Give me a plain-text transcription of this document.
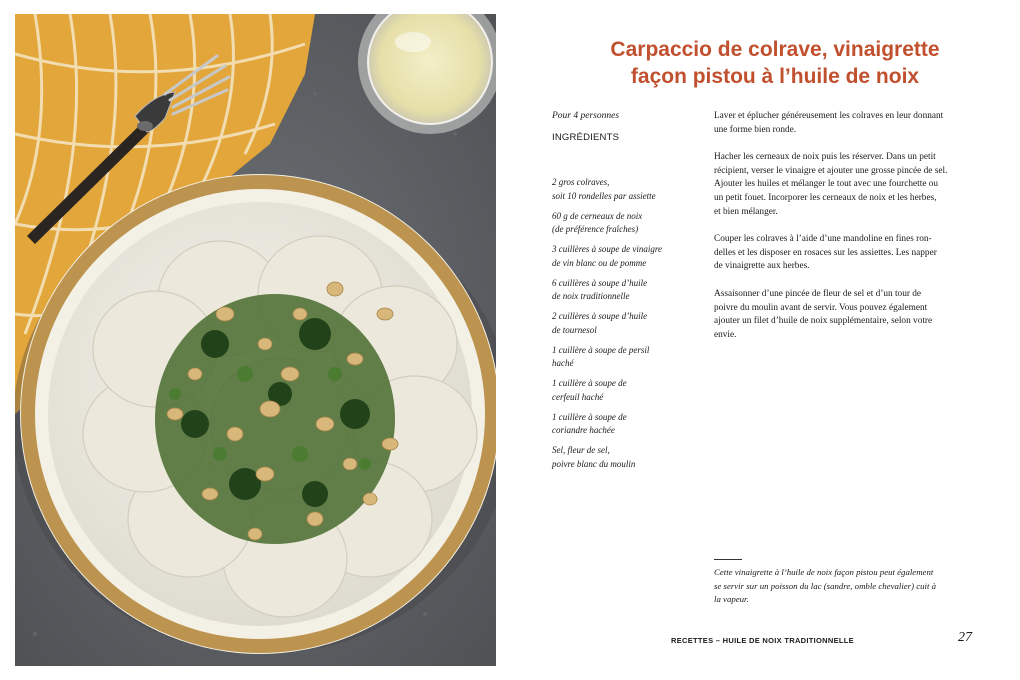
Carpaccio de colrave, vinaigrette
façon pistou à l’huile de noix

Pour 4 personnes

INGRÉDIENTS

2 gros colraves,
soit 10 rondelles par assiette
60 g de cerneaux de noix
(de préférence fraîches)
3 cuillères à soupe de vinaigre
de vin blanc ou de pomme
6 cuillères à soupe d’huile
de noix traditionnelle
2 cuillères à soupe d’huile
de tournesol
1 cuillère à soupe de persil
haché
1 cuillère à soupe de
cerfeuil haché
1 cuillère à soupe de
coriandre hachée
Sel, fleur de sel,
poivre blanc du moulin

Laver et éplucher généreusement les colraves en leur donnant
une forme bien ronde.

Hacher les cerneaux de noix puis les réserver. Dans un petit
récipient, verser le vinaigre et ajouter une grosse pincée de sel.
Ajouter les huiles et mélanger le tout avec une fourchette ou
un petit fouet. Incorporer les cerneaux de noix et les herbes,
et bien mélanger.

Couper les colraves à l’aide d’une mandoline en fines ron-
delles et les disposer en rosaces sur les assiettes. Les napper
de vinaigrette aux herbes.

Assaisonner d’une pincée de fleur de sel et d’un tour de
poivre du moulin avant de servir. Vous pouvez également
ajouter un filet d’huile de noix supplémentaire, selon votre
envie.

Cette vinaigrette à l’huile de noix façon pistou peut également
se servir sur un poisson du lac (sandre, omble chevalier) cuit à
la vapeur.

RECETTES – HUILE DE NOIX TRADITIONNELLE	27
